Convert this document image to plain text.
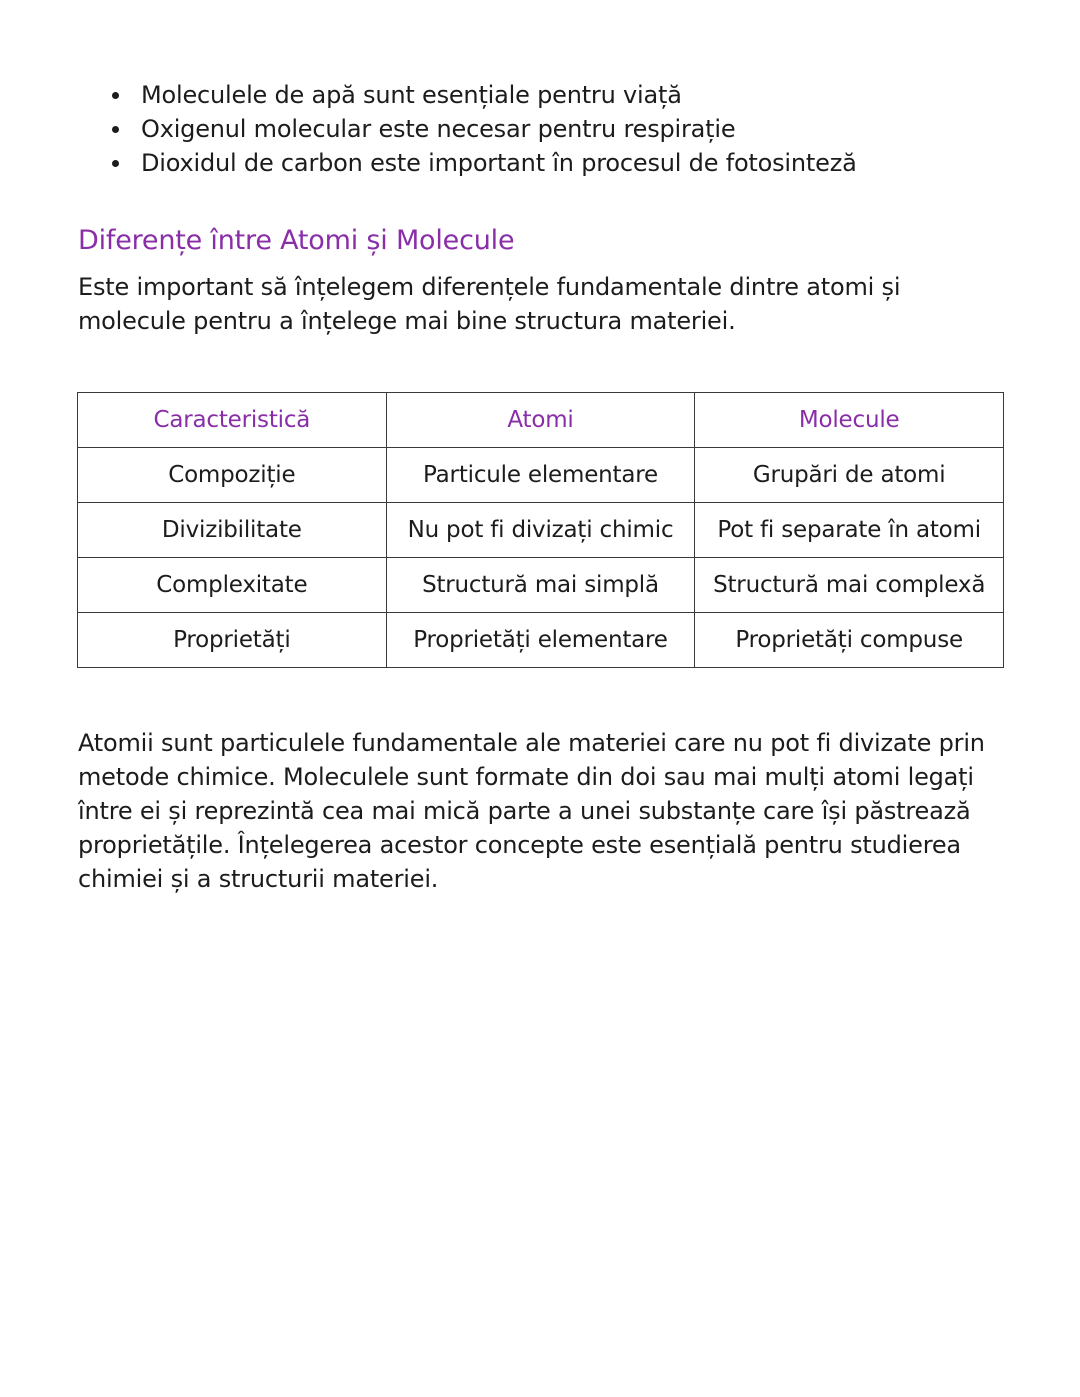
Moleculele de apă sunt esențiale pentru viață
Oxigenul molecular este necesar pentru respirație
Dioxidul de carbon este important în procesul de fotosinteză
Diferențe între Atomi și Molecule

Este important să înțelegem diferențele fundamentale dintre atomi și molecule pentru a înțelege mai bine structura materiei.

Caracteristică	Atomi	Molecule
Compoziție	Particule elementare	Grupări de atomi
Divizibilitate	Nu pot fi divizați chimic	Pot fi separate în atomi
Complexitate	Structură mai simplă	Structură mai complexă
Proprietăți	Proprietăți elementare	Proprietăți compuse

Atomii sunt particulele fundamentale ale materiei care nu pot fi divizate prin metode chimice. Moleculele sunt formate din doi sau mai mulți atomi legați între ei și reprezintă cea mai mică parte a unei substanțe care își păstrează proprietățile. Înțelegerea acestor concepte este esențială pentru studierea chimiei și a structurii materiei.
